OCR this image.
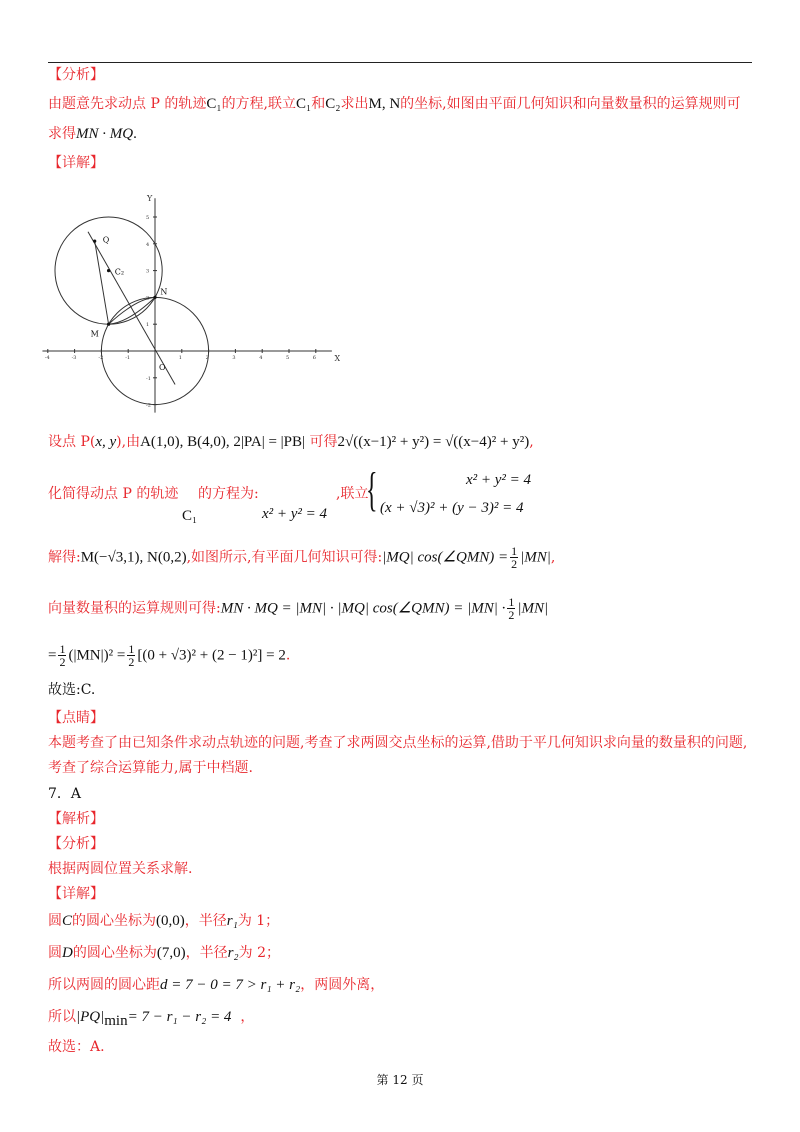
【分析】
由题意先求动点 P 的轨迹C₁的方程,联立C₁和C₂求出M, N的坐标,如图由平面几何知识和向量数量积的运算规则可
求得MN · MQ.
【详解】
X
Y
-4	-3	-2	-1	1	2	3	4	5	6
-2
-1
1
2
3
4
5
Q
C₂
N
M
O
设点 P(x, y),由A(1,0), B(4,0), 2|PA| = |PB| 可得2√((x−1)² + y²) = √((x−4)² + y²),
化简得动点 P 的轨迹
C₁
的方程为:
x² + y² = 4
,联立
{	x² + y² = 4
(x + √3)² + (y − 3)² = 4
解得:M(−√3,1), N(0,2),如图所示,有平面几何知识可得:|MQ| cos(∠QMN) = $\frac{1}{2} |MN|$,
向量数量积的运算规则可得:MN · MQ = |MN| · |MQ| cos(∠QMN) = $|MN| \cdot \frac{1}{2} |MN|$
= $\frac{1}{2} (|MN|)^2 = \frac{1}{2} [(0 + √3)^2 + (2 - 1)^2] = 2$.
故选:C.
【点睛】
本题考查了由已知条件求动点轨迹的问题,考查了求两圆交点坐标的运算,借助于平几何知识求向量的数量积的问题,
考查了综合运算能力,属于中档题.
7．A
【解析】
【分析】
根据两圆位置关系求解.
【详解】
圆C的圆心坐标为(0,0)，半径r₁为 1；
圆D的圆心坐标为(7,0)，半径r₂为 2；
所以两圆的圆心距d = 7 − 0 = 7 > r₁ + r₂，两圆外离，
所以$|PQ|_{min}= 7 - r_1 - r_2 = 4$ ，
故选：A.
第 12 页
